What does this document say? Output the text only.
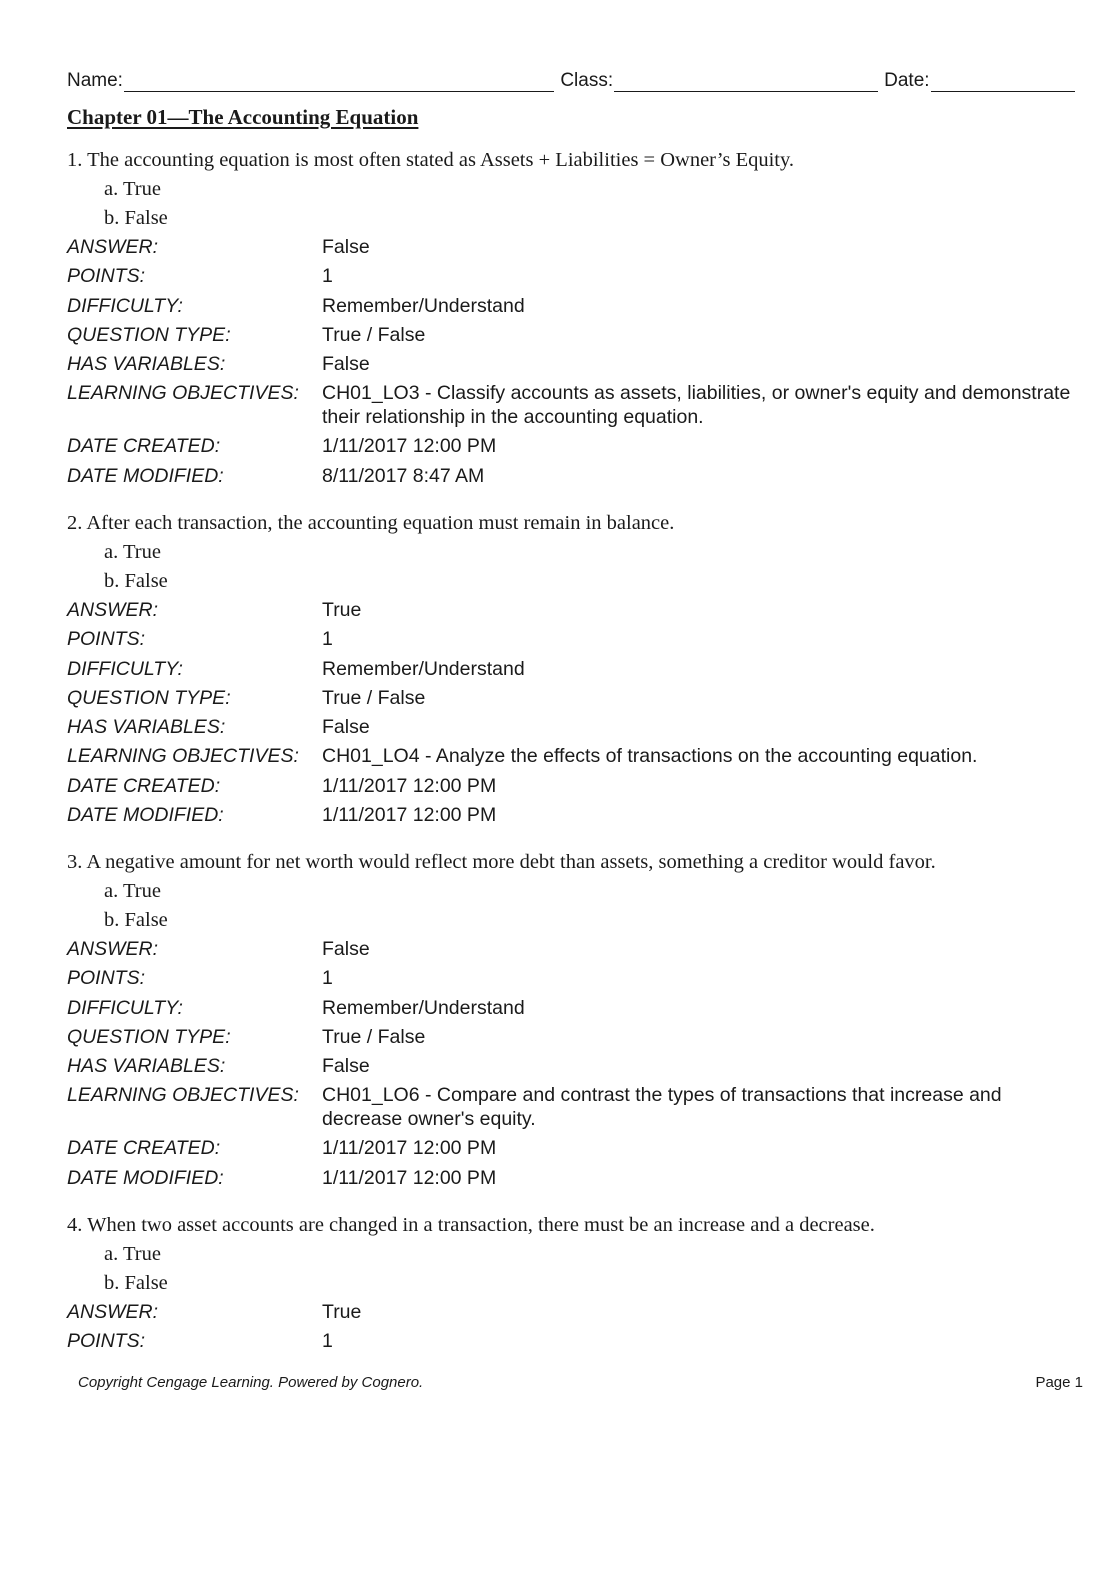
Name:	Class:	Date:
Chapter 01—The Accounting Equation
1. The accounting equation is most often stated as Assets + Liabilities = Owner’s Equity.
a. True
b. False
ANSWER:	False
POINTS:	1
DIFFICULTY:	Remember/Understand
QUESTION TYPE:	True / False
HAS VARIABLES:	False
LEARNING OBJECTIVES:	CH01_LO3 - Classify accounts as assets, liabilities, or owner's equity and demonstrate their relationship in the accounting equation.
DATE CREATED:	1/11/2017 12:00 PM
DATE MODIFIED:	8/11/2017 8:47 AM
2. After each transaction, the accounting equation must remain in balance.
a. True
b. False
ANSWER:	True
POINTS:	1
DIFFICULTY:	Remember/Understand
QUESTION TYPE:	True / False
HAS VARIABLES:	False
LEARNING OBJECTIVES:	CH01_LO4 - Analyze the effects of transactions on the accounting equation.
DATE CREATED:	1/11/2017 12:00 PM
DATE MODIFIED:	1/11/2017 12:00 PM
3. A negative amount for net worth would reflect more debt than assets, something a creditor would favor.
a. True
b. False
ANSWER:	False
POINTS:	1
DIFFICULTY:	Remember/Understand
QUESTION TYPE:	True / False
HAS VARIABLES:	False
LEARNING OBJECTIVES:	CH01_LO6 - Compare and contrast the types of transactions that increase and decrease owner's equity.
DATE CREATED:	1/11/2017 12:00 PM
DATE MODIFIED:	1/11/2017 12:00 PM
4. When two asset accounts are changed in a transaction, there must be an increase and a decrease.
a. True
b. False
ANSWER:	True
POINTS:	1
Copyright Cengage Learning. Powered by Cognero.	Page 1
